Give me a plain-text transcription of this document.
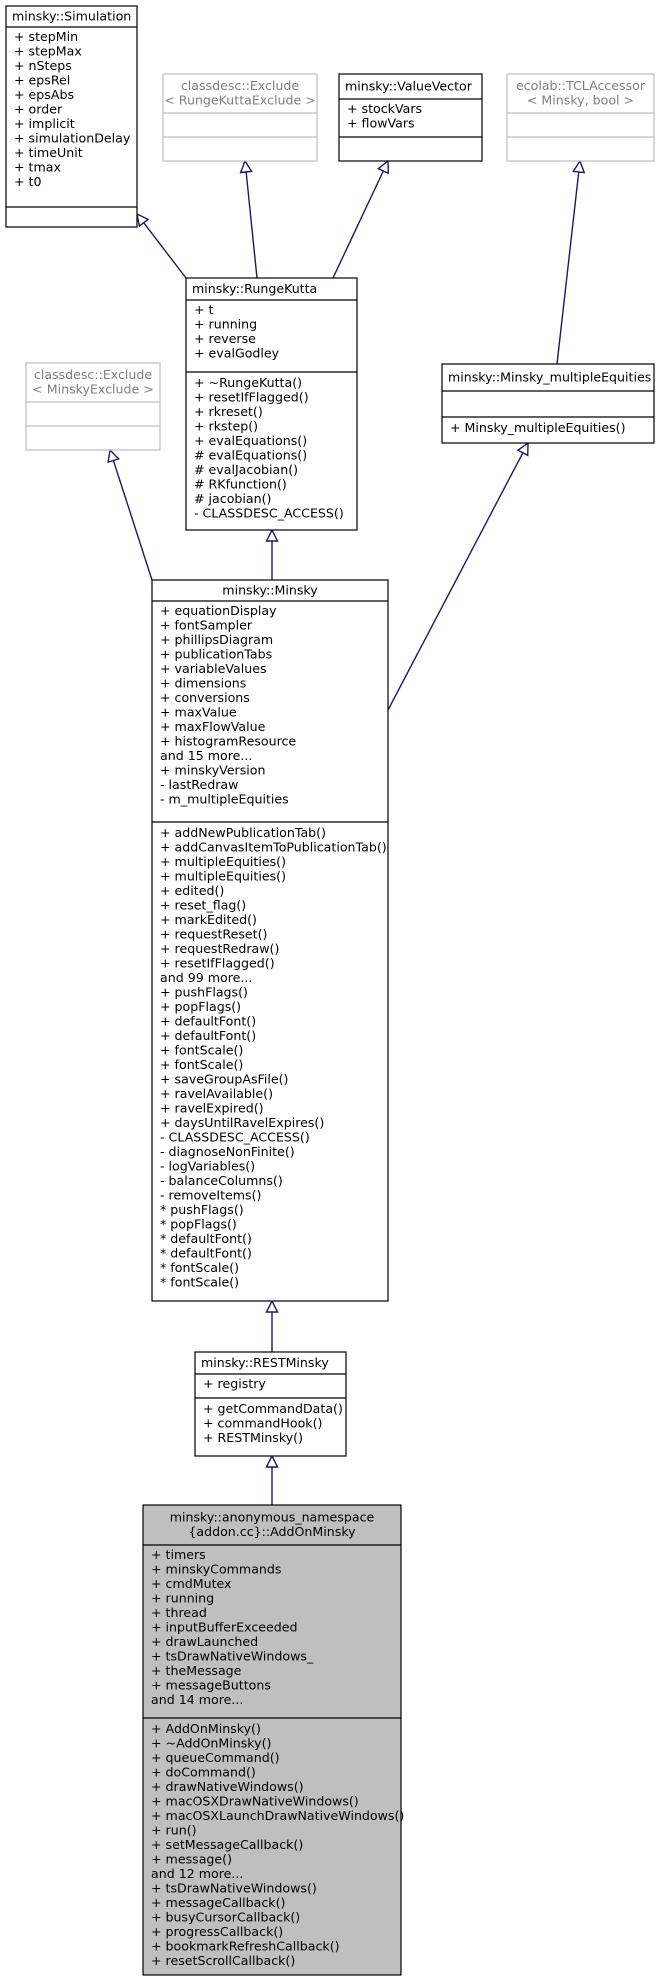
minsky::Simulation
+ stepMin
+ stepMax
+ nSteps
+ epsRel
+ epsAbs
+ order
+ implicit
+ simulationDelay
+ timeUnit
+ tmax
+ t0
classdesc::Exclude
< RungeKuttaExclude >
minsky::ValueVector
+ stockVars
+ flowVars
ecolab::TCLAccessor
< Minsky, bool >
minsky::RungeKutta
+ t
+ running
+ reverse
+ evalGodley
+ ~RungeKutta()
+ resetIfFlagged()
+ rkreset()
+ rkstep()
+ evalEquations()
# evalEquations()
# evalJacobian()
# RKfunction()
# jacobian()
- CLASSDESC_ACCESS()
classdesc::Exclude
< MinskyExclude >
minsky::Minsky_multipleEquities
+ Minsky_multipleEquities()
minsky::Minsky
+ equationDisplay
+ fontSampler
+ phillipsDiagram
+ publicationTabs
+ variableValues
+ dimensions
+ conversions
+ maxValue
+ maxFlowValue
+ histogramResource
and 15 more...
+ minskyVersion
- lastRedraw
- m_multipleEquities
+ addNewPublicationTab()
+ addCanvasItemToPublicationTab()
+ multipleEquities()
+ multipleEquities()
+ edited()
+ reset_flag()
+ markEdited()
+ requestReset()
+ requestRedraw()
+ resetIfFlagged()
and 99 more...
+ pushFlags()
+ popFlags()
+ defaultFont()
+ defaultFont()
+ fontScale()
+ fontScale()
+ saveGroupAsFile()
+ ravelAvailable()
+ ravelExpired()
+ daysUntilRavelExpires()
- CLASSDESC_ACCESS()
- diagnoseNonFinite()
- logVariables()
- balanceColumns()
- removeItems()
* pushFlags()
* popFlags()
* defaultFont()
* defaultFont()
* fontScale()
* fontScale()
minsky::RESTMinsky
+ registry
+ getCommandData()
+ commandHook()
+ RESTMinsky()
minsky::anonymous_namespace
{addon.cc}::AddOnMinsky
+ timers
+ minskyCommands
+ cmdMutex
+ running
+ thread
+ inputBufferExceeded
+ drawLaunched
+ tsDrawNativeWindows_
+ theMessage
+ messageButtons
and 14 more...
+ AddOnMinsky()
+ ~AddOnMinsky()
+ queueCommand()
+ doCommand()
+ drawNativeWindows()
+ macOSXDrawNativeWindows()
+ macOSXLaunchDrawNativeWindows()
+ run()
+ setMessageCallback()
+ message()
and 12 more...
+ tsDrawNativeWindows()
+ messageCallback()
+ busyCursorCallback()
+ progressCallback()
+ bookmarkRefreshCallback()
+ resetScrollCallback()
